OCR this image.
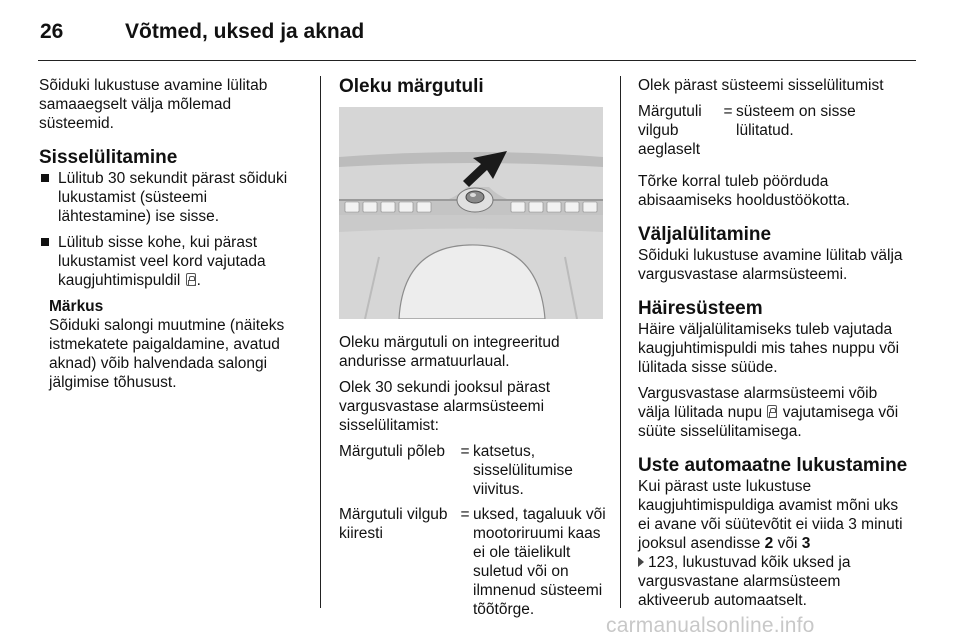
26	Võtmed, uksed ja aknad

Sõiduki lukustuse avamine lülitab samaaegselt välja mõlemad süsteemid.

Sisselülitamine
Lülitub 30 sekundit pärast sõiduki lukustamist (süsteemi lähtestamine) ise sisse.
Lülitub sisse kohe, kui pärast lukustamist veel kord vajutada kaugjuhtimispuldil .
Märkus

Sõiduki salongi muutmine (näiteks istmekatete paigaldamine, avatud aknad) võib halvendada salongi jälgimise tõhusust.

Oleku märgutuli

Oleku märgutuli on integreeritud andurisse armatuurlaual.

Olek 30 sekundi jooksul pärast vargusvastase alarmsüsteemi sisselülitamist:

Märgutuli põleb	=	katsetus, sisselülitumise viivitus.
Märgutuli vilgub kiiresti	=	uksed, tagaluuk või mootoriruumi kaas ei ole täielikult suletud või on ilmnenud süsteemi tõõtõrge.

Olek pärast süsteemi sisselülitumist

Märgutuli vilgub aeglaselt	=	süsteem on sisse lülitatud.

Tõrke korral tuleb pöörduda abisaamiseks hooldustöökotta.

Väljalülitamine

Sõiduki lukustuse avamine lülitab välja vargusvastase alarmsüsteemi.

Häiresüsteem

Häire väljalülitamiseks tuleb vajutada kaugjuhtimispuldi mis tahes nuppu või lülitada sisse süüde.

Vargusvastase alarmsüsteemi võib välja lülitada nupu vajutamisega või süüte sisselülitamisega.

Uste automaatne lukustamine

Kui pärast uste lukustuse kaugjuhtimispuldiga avamist mõni uks ei avane või süütevõtit ei viida 3 minuti jooksul asendisse 2 või 3
123, lukustuvad kõik uksed ja vargusvastane alarmsüsteem aktiveerub automaatselt.

carmanualsonline.info
